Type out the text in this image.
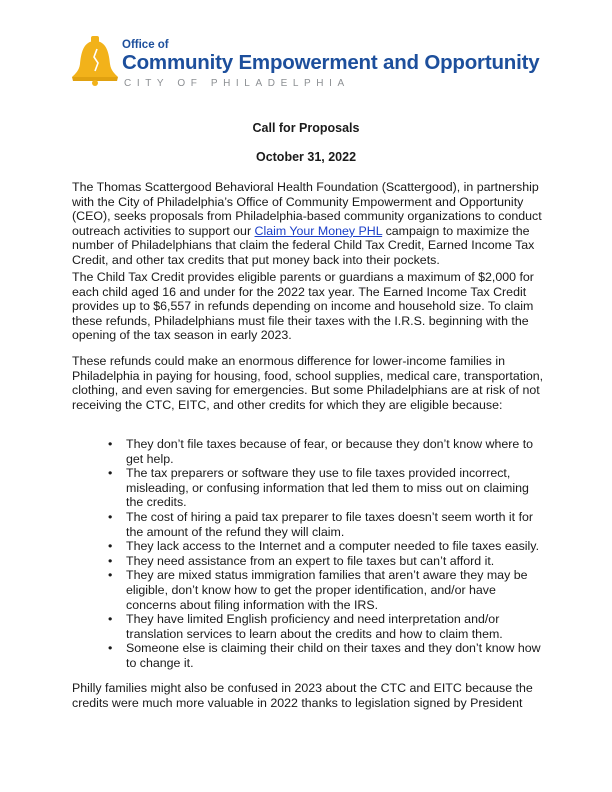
Office of
Community Empowerment and Opportunity
CITY OF PHILADELPHIA
Call for Proposals
October 31, 2022

The Thomas Scattergood Behavioral Health Foundation (Scattergood), in partnership with the City of Philadelphia’s Office of Community Empowerment and Opportunity (CEO), seeks proposals from Philadelphia-based community organizations to conduct outreach activities to support our Claim Your Money PHL campaign to maximize the number of Philadelphians that claim the federal Child Tax Credit, Earned Income Tax Credit, and other tax credits that put money back into their pockets.

The Child Tax Credit provides eligible parents or guardians a maximum of $2,000 for each child aged 16 and under for the 2022 tax year. The Earned Income Tax Credit provides up to $6,557 in refunds depending on income and household size. To claim these refunds, Philadelphians must file their taxes with the I.R.S. beginning with the opening of the tax season in early 2023.

These refunds could make an enormous difference for lower-income families in Philadelphia in paying for housing, food, school supplies, medical care, transportation, clothing, and even saving for emergencies. But some Philadelphians are at risk of not receiving the CTC, EITC, and other credits for which they are eligible because:

• They don’t file taxes because of fear, or because they don’t know where to get help.
• The tax preparers or software they use to file taxes provided incorrect, misleading, or confusing information that led them to miss out on claiming the credits.
• The cost of hiring a paid tax preparer to file taxes doesn’t seem worth it for the amount of the refund they will claim.
• They lack access to the Internet and a computer needed to file taxes easily.
• They need assistance from an expert to file taxes but can’t afford it.
• They are mixed status immigration families that aren’t aware they may be eligible, don’t know how to get the proper identification, and/or have concerns about filing information with the IRS.
• They have limited English proficiency and need interpretation and/or translation services to learn about the credits and how to claim them.
• Someone else is claiming their child on their taxes and they don’t know how to change it.

Philly families might also be confused in 2023 about the CTC and EITC because the credits were much more valuable in 2022 thanks to legislation signed by President
